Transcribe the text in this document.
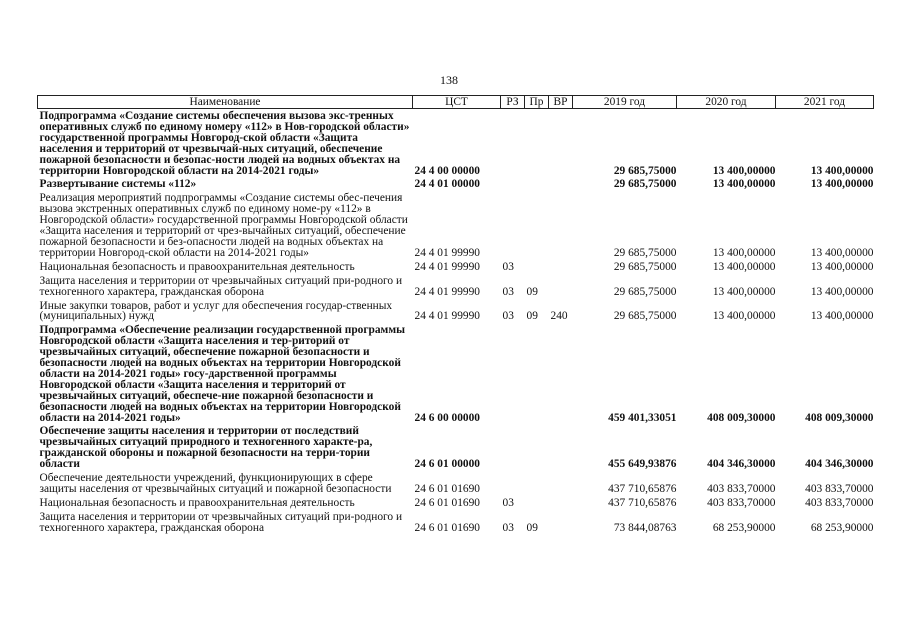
138
Наименование	ЦСТ	РЗ	Пр	ВР	2019 год	2020 год	2021 год
Подпрограмма «Создание системы обеспечения вызова экс-тренных оперативных служб по единому номеру «112» в Нов-городской области» государственной программы Новгород-ской области «Защита населения и территорий от чрезвычай-ных ситуаций, обеспечение пожарной безопасности и безопас-ности людей на водных объектах на территории Новгородской области на 2014-2021 годы»	24 4 00 00000				29 685,75000	13 400,00000	13 400,00000
Развертывание системы «112»	24 4 01 00000				29 685,75000	13 400,00000	13 400,00000
Реализация мероприятий подпрограммы «Создание системы обес-печения вызова экстренных оперативных служб по единому номе-ру «112» в Новгородской области» государственной программы Новгородской области «Защита населения и территорий от чрез-вычайных ситуаций, обеспечение пожарной безопасности и без-опасности людей на водных объектах на территории Новгород-ской области на 2014-2021 годы»	24 4 01 99990				29 685,75000	13 400,00000	13 400,00000
Национальная безопасность и правоохранительная деятельность	24 4 01 99990	03			29 685,75000	13 400,00000	13 400,00000
Защита населения и территории от чрезвычайных ситуаций при-родного и техногенного характера, гражданская оборона	24 4 01 99990	03	09		29 685,75000	13 400,00000	13 400,00000
Иные закупки товаров, работ и услуг для обеспечения государ-ственных (муниципальных) нужд	24 4 01 99990	03	09	240	29 685,75000	13 400,00000	13 400,00000
Подпрограмма «Обеспечение реализации государственной программы Новгородской области «Защита населения и тер-риторий от чрезвычайных ситуаций, обеспечение пожарной безопасности и безопасности людей на водных объектах на территории Новгородской области на 2014-2021 годы» госу-дарственной программы Новгородской области «Защита населения и территорий от чрезвычайных ситуаций, обеспече-ние пожарной безопасности и безопасности людей на водных объектах на территории Новгородской области на 2014-2021 годы»	24 6 00 00000				459 401,33051	408 009,30000	408 009,30000
Обеспечение защиты населения и территории от последствий чрезвычайных ситуаций природного и техногенного характе-ра, гражданской обороны и пожарной безопасности на терри-тории области	24 6 01 00000				455 649,93876	404 346,30000	404 346,30000
Обеспечение деятельности учреждений, функционирующих в сфере защиты населения от чрезвычайных ситуаций и пожарной безопасности	24 6 01 01690				437 710,65876	403 833,70000	403 833,70000
Национальная безопасность и правоохранительная деятельность	24 6 01 01690	03			437 710,65876	403 833,70000	403 833,70000
Защита населения и территории от чрезвычайных ситуаций при-родного и техногенного характера, гражданская оборона	24 6 01 01690	03	09		73 844,08763	68 253,90000	68 253,90000
